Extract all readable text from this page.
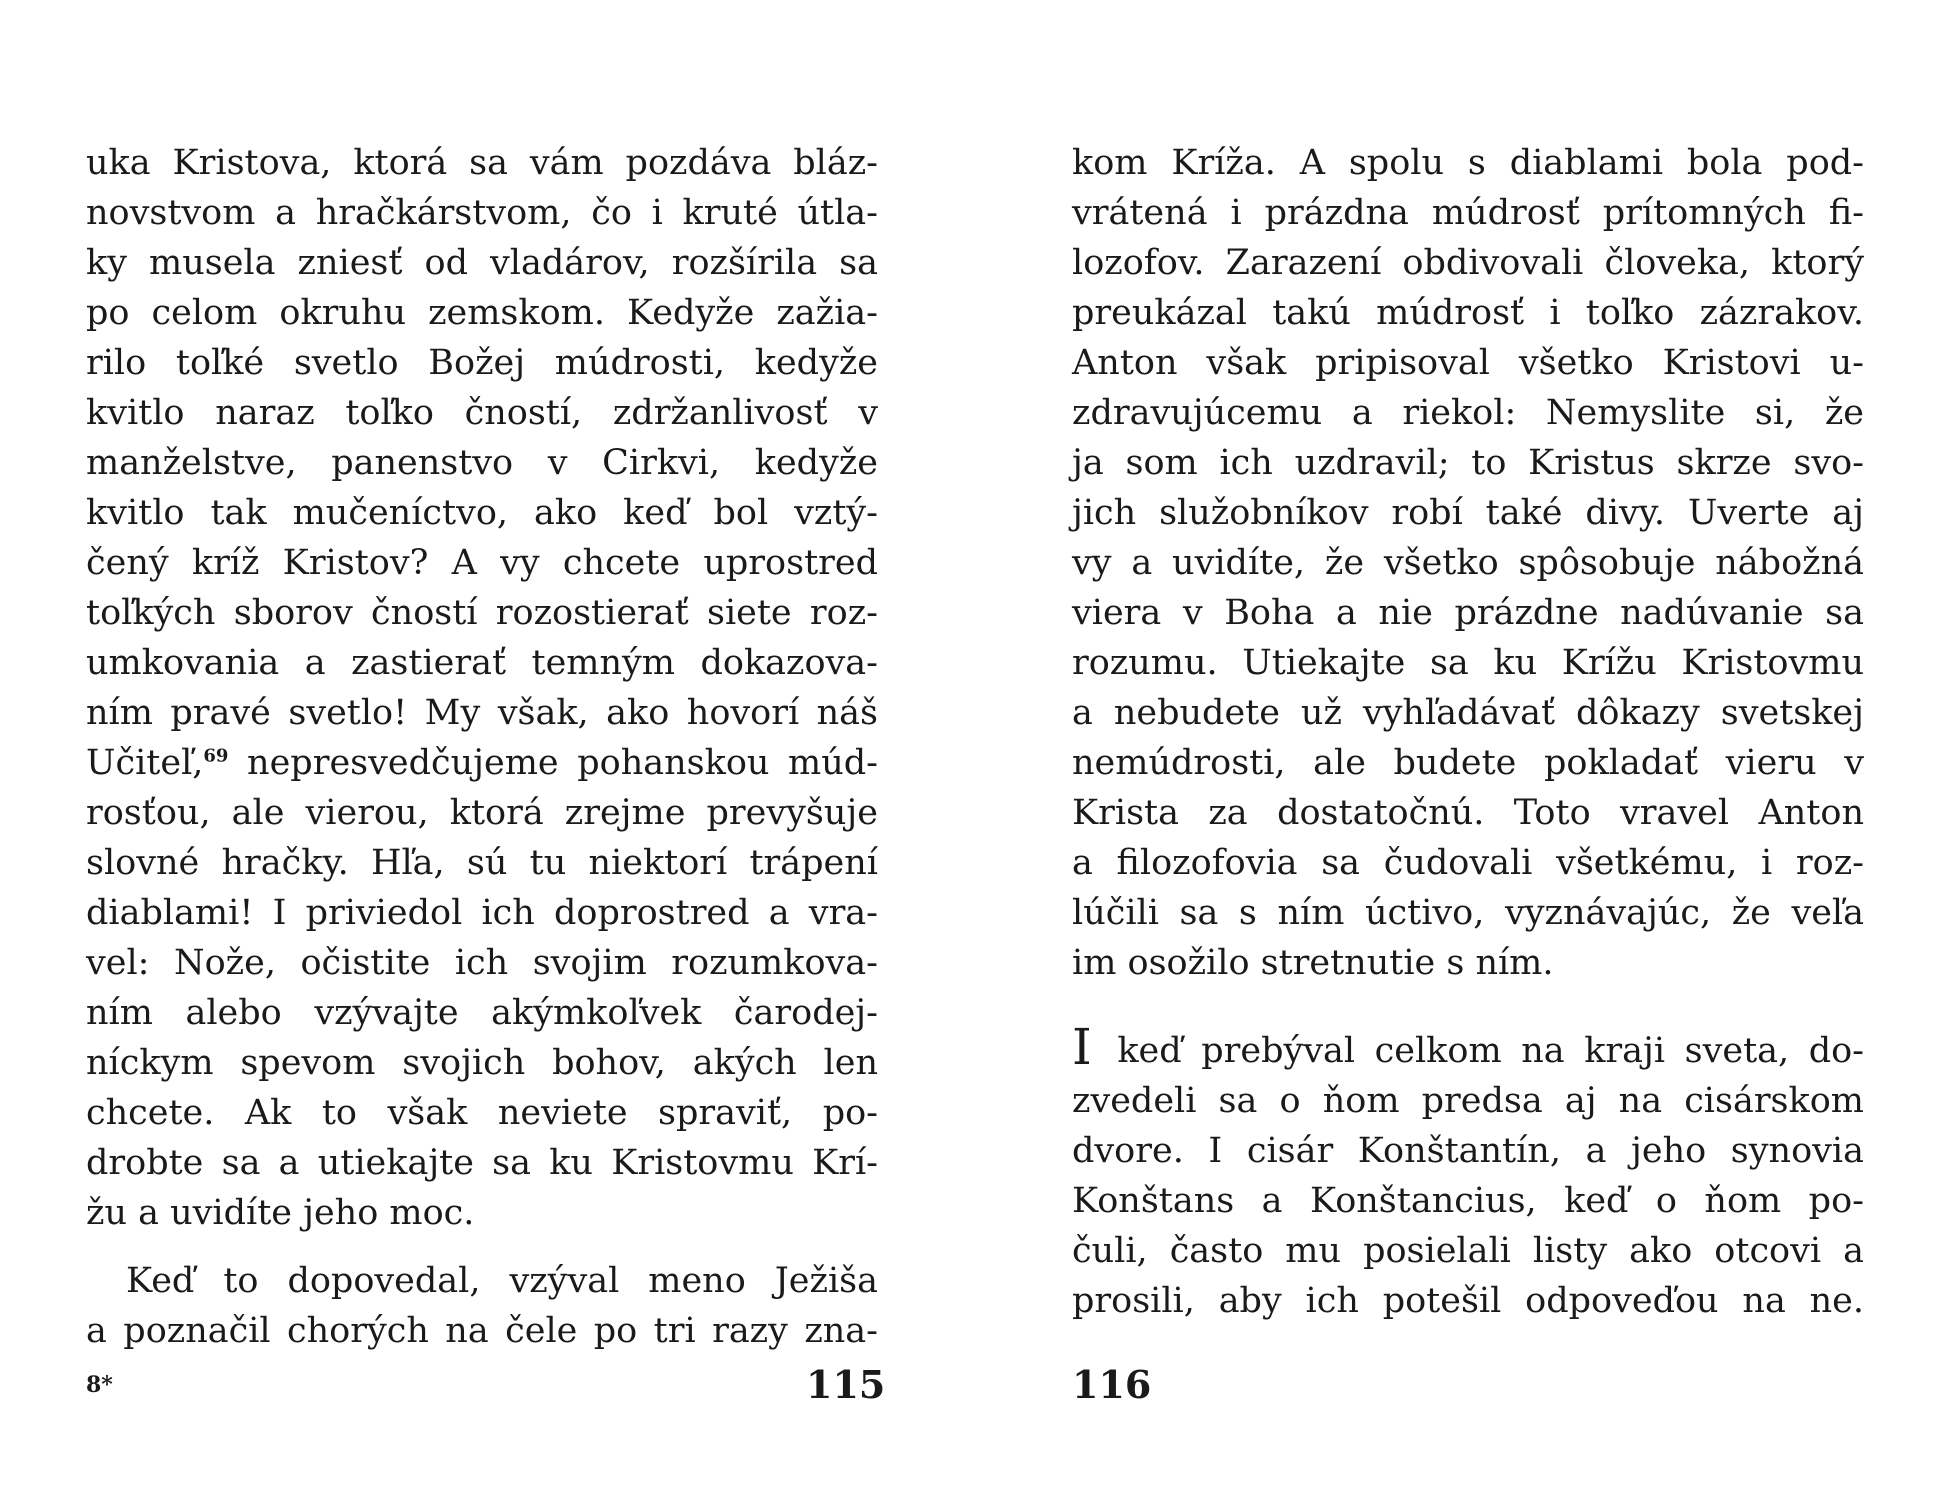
uka Kristova, ktorá sa vám pozdáva bláz-
novstvom a hračkárstvom, čo i kruté útla-
ky musela zniesť od vladárov, rozšírila sa
po celom okruhu zemskom. Kedyže zažia-
rilo toľké svetlo Božej múdrosti, kedyže
kvitlo naraz toľko čností, zdržanlivosť v
manželstve, panenstvo v Cirkvi, kedyže
kvitlo tak mučeníctvo, ako keď bol vztý-
čený kríž Kristov? A vy chcete uprostred
toľkých sborov čností rozostierať siete roz-
umkovania a zastierať temným dokazova-
ním pravé svetlo! My však, ako hovorí náš
Učiteľ,$^{69}$ nepresvedčujeme pohanskou múd-
rosťou, ale vierou, ktorá zrejme prevyšuje
slovné hračky. Hľa, sú tu niektorí trápení
diablami! I priviedol ich doprostred a vra-
vel: Nože, očistite ich svojim rozumkova-
ním alebo vzývajte akýmkoľvek čarodej-
níckym spevom svojich bohov, akých len
chcete. Ak to však neviete spraviť, po-
drobte sa a utiekajte sa ku Kristovmu Krí-
žu a uvidíte jeho moc.
Keď to dopovedal, vzýval meno Ježiša
a poznačil chorých na čele po tri razy zna-
8*	115
kom Kríža. A spolu s diablami bola pod-
vrátená i prázdna múdrosť prítomných fi-
lozofov. Zarazení obdivovali človeka, ktorý
preukázal takú múdrosť i toľko zázrakov.
Anton však pripisoval všetko Kristovi u-
zdravujúcemu a riekol: Nemyslite si, že
ja som ich uzdravil; to Kristus skrze svo-
jich služobníkov robí také divy. Uverte aj
vy a uvidíte, že všetko spôsobuje nábožná
viera v Boha a nie prázdne nadúvanie sa
rozumu. Utiekajte sa ku Krížu Kristovmu
a nebudete už vyhľadávať dôkazy svetskej
nemúdrosti, ale budete pokladať vieru v
Krista za dostatočnú. Toto vravel Anton
a filozofovia sa čudovali všetkému, i roz-
lúčili sa s ním úctivo, vyznávajúc, že veľa
im osožilo stretnutie s ním.
I keď prebýval celkom na kraji sveta, do-
zvedeli sa o ňom predsa aj na cisárskom
dvore. I cisár Konštantín, a jeho synovia
Konštans a Konštancius, keď o ňom po-
čuli, často mu posielali listy ako otcovi a
prosili, aby ich potešil odpoveďou na ne.
116
